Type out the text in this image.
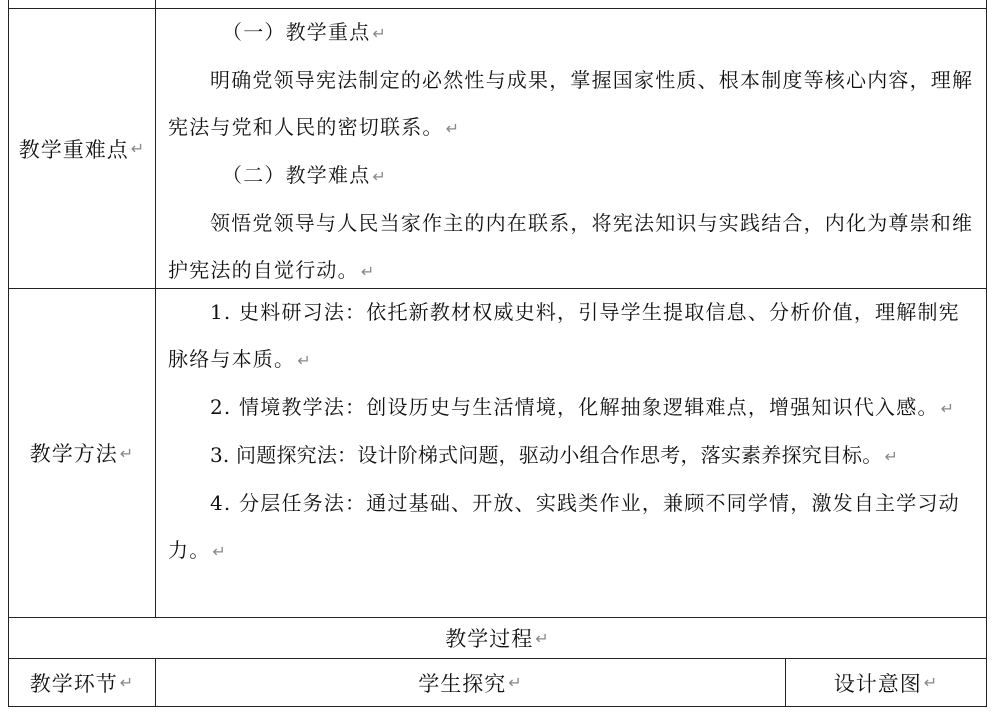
教学重难点 ↵

（一）教学重点 ↵

明确党领导宪法制定的必然性与成果，掌握国家性质、根本制度等核心内容，理解宪法与党和人民的密切联系。 ↵

（二）教学难点 ↵

领悟党领导与人民当家作主的内在联系，将宪法知识与实践结合，内化为尊崇和维护宪法的自觉行动。 ↵

教学方法 ↵

1. 史料研习法：依托新教材权威史料，引导学生提取信息、分析价值，理解制宪脉络与本质。 ↵

2. 情境教学法：创设历史与生活情境，化解抽象逻辑难点，增强知识代入感。 ↵

3. 问题探究法：设计阶梯式问题，驱动小组合作思考，落实素养探究目标。 ↵

4. 分层任务法：通过基础、开放、实践类作业，兼顾不同学情，激发自主学习动力。 ↵

教学过程 ↵
教学环节 ↵	学生探究 ↵	设计意图 ↵
